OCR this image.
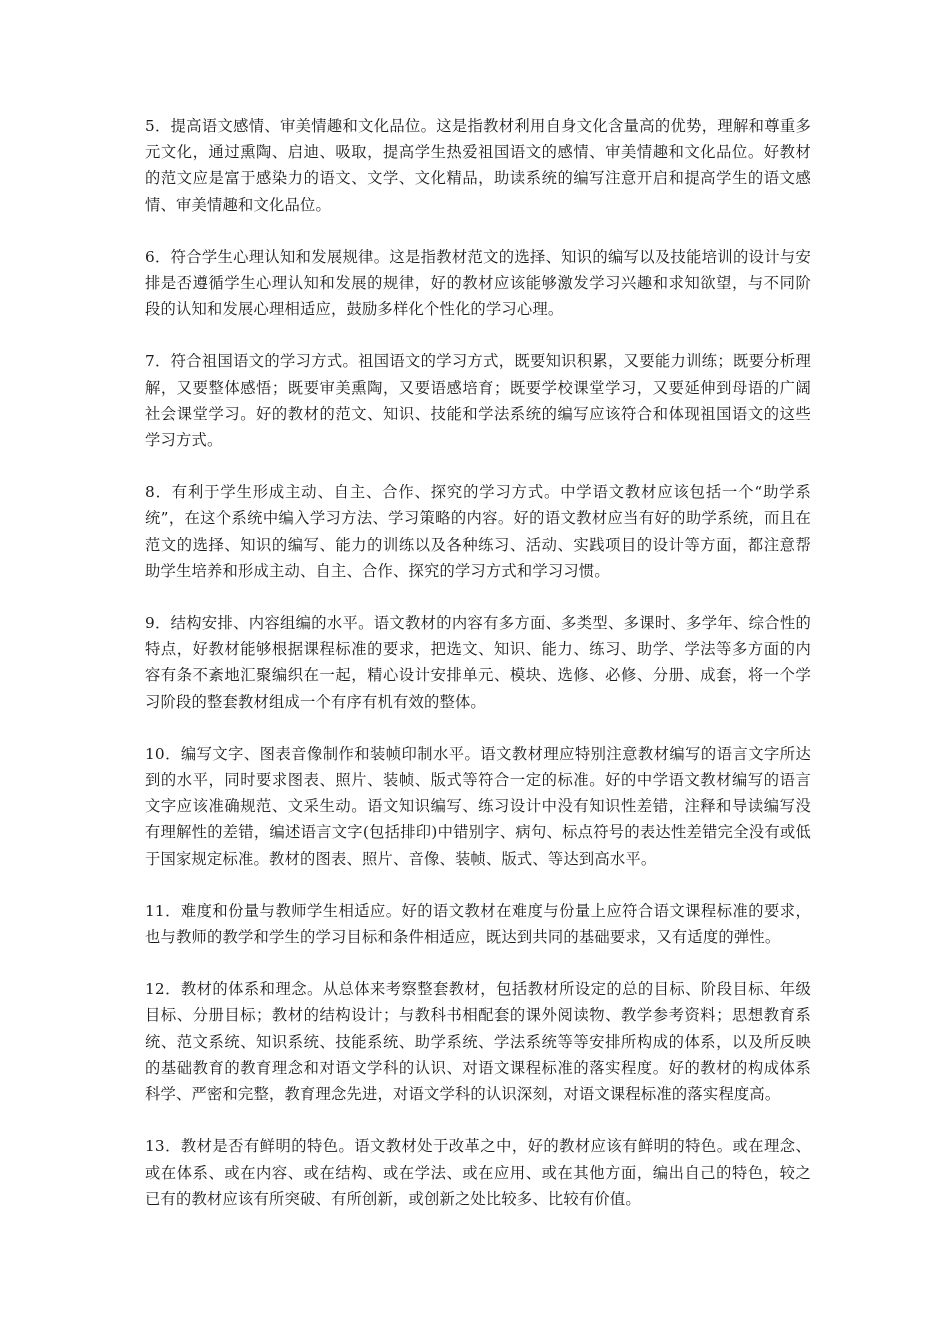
5．提高语文感情、审美情趣和文化品位。这是指教材利用自身文化含量高的优势，理解和尊重多元文化，通过熏陶、启迪、吸取，提高学生热爱祖国语文的感情、审美情趣和文化品位。好教材的范文应是富于感染力的语文、文学、文化精品，助读系统的编写注意开启和提高学生的语文感情、审美情趣和文化品位。

6．符合学生心理认知和发展规律。这是指教材范文的选择、知识的编写以及技能培训的设计与安排是否遵循学生心理认知和发展的规律，好的教材应该能够激发学习兴趣和求知欲望，与不同阶段的认知和发展心理相适应，鼓励多样化个性化的学习心理。

7．符合祖国语文的学习方式。祖国语文的学习方式，既要知识积累，又要能力训练；既要分析理解，又要整体感悟；既要审美熏陶，又要语感培育；既要学校课堂学习，又要延伸到母语的广阔社会课堂学习。好的教材的范文、知识、技能和学法系统的编写应该符合和体现祖国语文的这些学习方式。

8．有利于学生形成主动、自主、合作、探究的学习方式。中学语文教材应该包括一个“助学系统”，在这个系统中编入学习方法、学习策略的内容。好的语文教材应当有好的助学系统，而且在范文的选择、知识的编写、能力的训练以及各种练习、活动、实践项目的设计等方面，都注意帮助学生培养和形成主动、自主、合作、探究的学习方式和学习习惯。

9．结构安排、内容组编的水平。语文教材的内容有多方面、多类型、多课时、多学年、综合性的特点，好教材能够根据课程标准的要求，把选文、知识、能力、练习、助学、学法等多方面的内容有条不紊地汇聚编织在一起，精心设计安排单元、模块、选修、必修、分册、成套，将一个学习阶段的整套教材组成一个有序有机有效的整体。

10．编写文字、图表音像制作和装帧印制水平。语文教材理应特别注意教材编写的语言文字所达到的水平，同时要求图表、照片、装帧、版式等符合一定的标准。好的中学语文教材编写的语言文字应该准确规范、文采生动。语文知识编写、练习设计中没有知识性差错，注释和导读编写没有理解性的差错，编述语言文字(包括排印)中错别字、病句、标点符号的表达性差错完全没有或低于国家规定标准。教材的图表、照片、音像、装帧、版式、等达到高水平。

11．难度和份量与教师学生相适应。好的语文教材在难度与份量上应符合语文课程标准的要求，也与教师的教学和学生的学习目标和条件相适应，既达到共同的基础要求，又有适度的弹性。

12．教材的体系和理念。从总体来考察整套教材，包括教材所设定的总的目标、阶段目标、年级目标、分册目标；教材的结构设计；与教科书相配套的课外阅读物、教学参考资料；思想教育系统、范文系统、知识系统、技能系统、助学系统、学法系统等等安排所构成的体系，以及所反映的基础教育的教育理念和对语文学科的认识、对语文课程标准的落实程度。好的教材的构成体系科学、严密和完整，教育理念先进，对语文学科的认识深刻，对语文课程标准的落实程度高。

13．教材是否有鲜明的特色。语文教材处于改革之中，好的教材应该有鲜明的特色。或在理念、或在体系、或在内容、或在结构、或在学法、或在应用、或在其他方面，编出自己的特色，较之已有的教材应该有所突破、有所创新，或创新之处比较多、比较有价值。
